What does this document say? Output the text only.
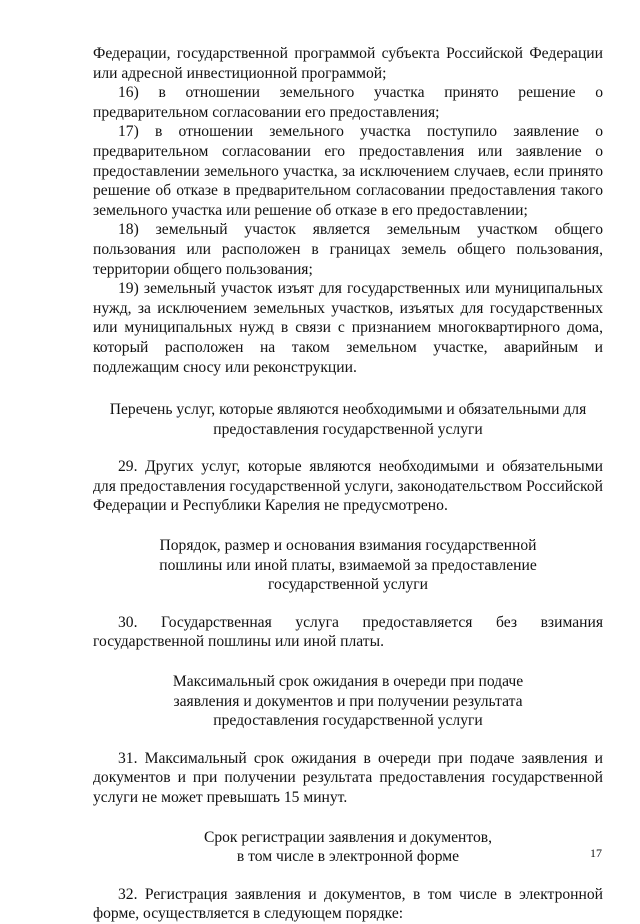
Федерации, государственной программой субъекта Российской Федерации или адресной инвестиционной программой;

16) в отношении земельного участка принято решение о предварительном согласовании его предоставления;

17) в отношении земельного участка поступило заявление о предварительном согласовании его предоставления или заявление о предоставлении земельного участка, за исключением случаев, если принято решение об отказе в предварительном согласовании предоставления такого земельного участка или решение об отказе в его предоставлении;

18) земельный участок является земельным участком общего пользования или расположен в границах земель общего пользования, территории общего пользования;

19) земельный участок изъят для государственных или муниципальных нужд, за исключением земельных участков, изъятых для государственных или муниципальных нужд в связи с признанием многоквартирного дома, который расположен на таком земельном участке, аварийным и подлежащим сносу или реконструкции.

Перечень услуг, которые являются необходимыми и обязательными для
предоставления государственной услуги

29. Других услуг, которые являются необходимыми и обязательными для предоставления государственной услуги, законодательством Российской Федерации и Республики Карелия не предусмотрено.

Порядок, размер и основания взимания государственной
пошлины или иной платы, взимаемой за предоставление
государственной услуги

30. Государственная услуга предоставляется без взимания государственной пошлины или иной платы.

Максимальный срок ожидания в очереди при подаче
заявления и документов и при получении результата
предоставления государственной услуги

31. Максимальный срок ожидания в очереди при подаче заявления и документов и при получении результата предоставления государственной услуги не может превышать 15 минут.

Срок регистрации заявления и документов,
в том числе в электронной форме

32. Регистрация заявления и документов, в том числе в электронной форме, осуществляется в следующем порядке:

17
